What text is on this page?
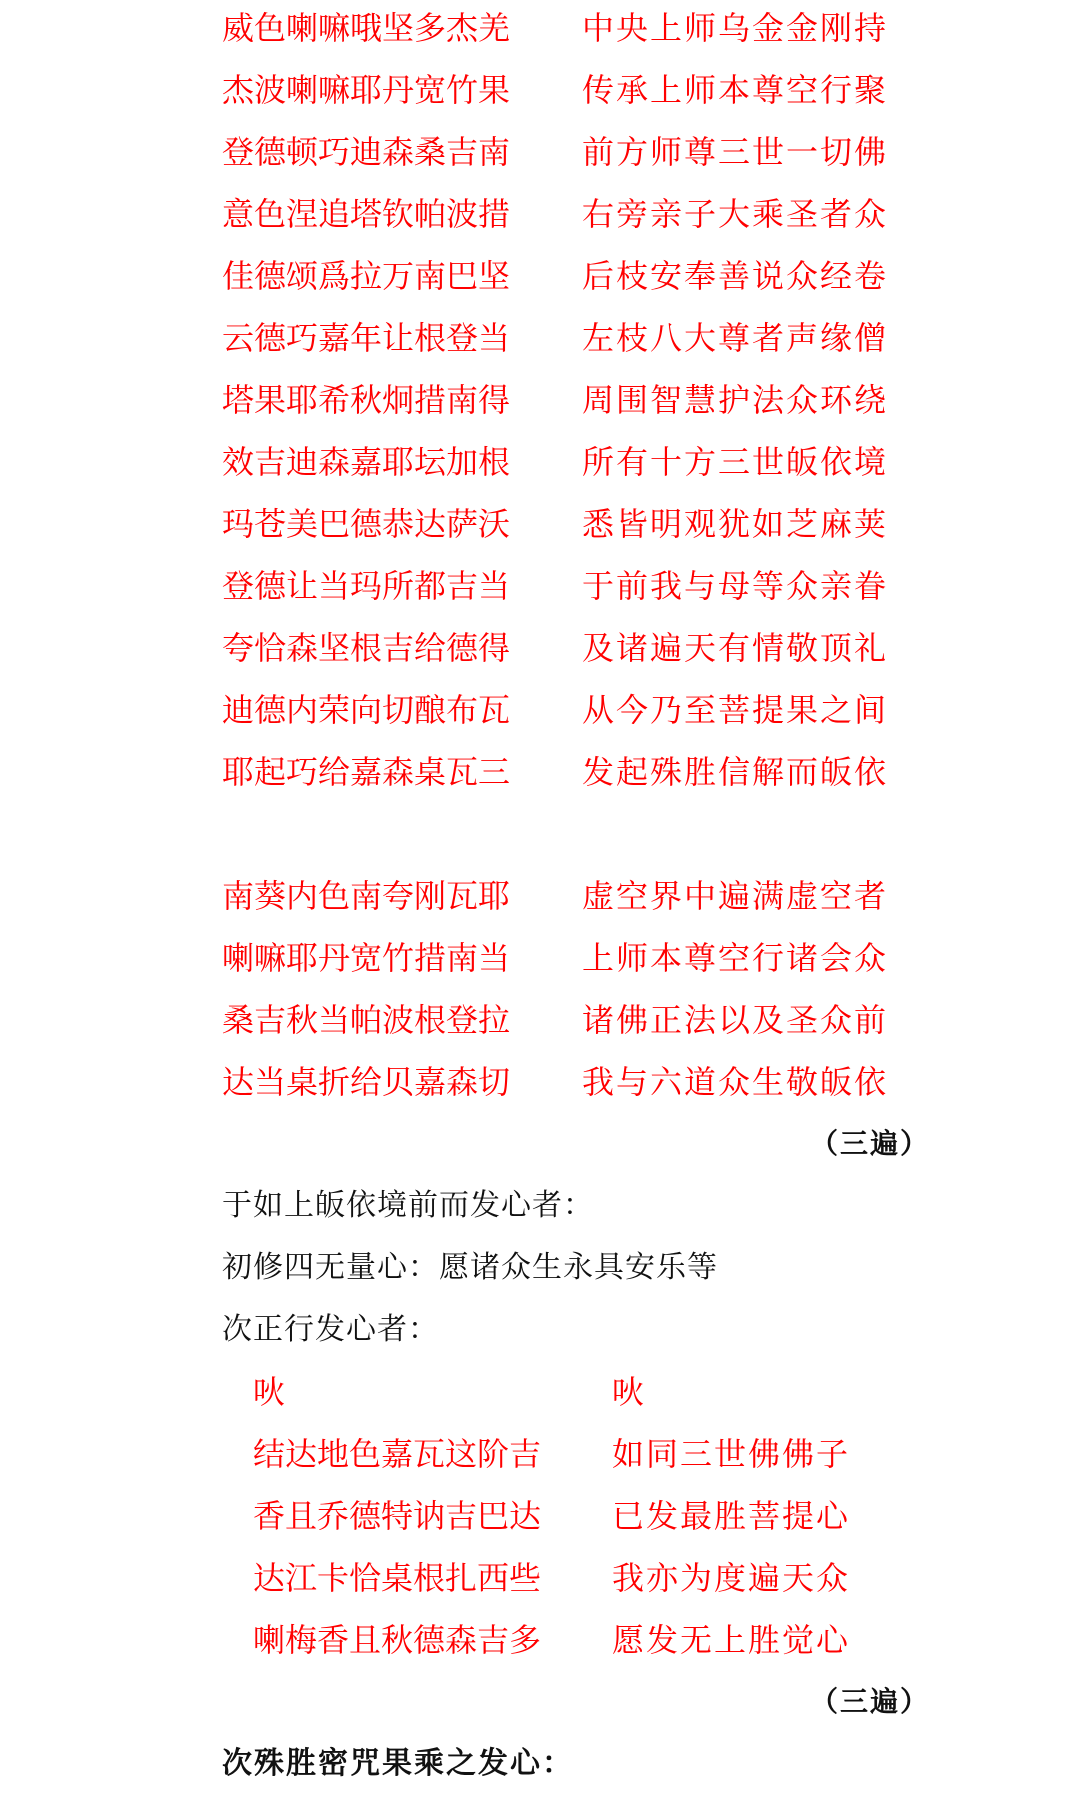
威色喇嘛哦坚多杰羌 中央上师乌金金刚持
杰波喇嘛耶丹宽竹果 传承上师本尊空行聚
登德顿巧迪森桑吉南 前方师尊三世一切佛
意色涅追塔钦帕波措 右旁亲子大乘圣者众
佳德颂爲拉万南巴坚 后枝安奉善说众经卷
云德巧嘉年让根登当 左枝八大尊者声缘僧
塔果耶希秋炯措南得 周围智慧护法众环绕
效吉迪森嘉耶坛加根 所有十方三世皈依境
玛苍美巴德恭达萨沃 悉皆明观犹如芝麻荚
登德让当玛所都吉当 于前我与母等众亲眷
夸恰森坚根吉给德得 及诸遍天有情敬顶礼
迪德内荣向切酿布瓦 从今乃至菩提果之间
耶起巧给嘉森桌瓦三 发起殊胜信解而皈依
南葵内色南夸刚瓦耶 虚空界中遍满虚空者
喇嘛耶丹宽竹措南当 上师本尊空行诸会众
桑吉秋当帕波根登拉 诸佛正法以及圣众前
达当桌折给贝嘉森切 我与六道众生敬皈依
（三遍）
于如上皈依境前而发心者：
初修四无量心：愿诸众生永具安乐等
次正行发心者：
吙	吙
结达地色嘉瓦这阶吉 如同三世佛佛子
香且乔德特讷吉巴达 已发最胜菩提心
达江卡恰桌根扎西些 我亦为度遍天众
喇梅香且秋德森吉多 愿发无上胜觉心
（三遍）
次殊胜密咒果乘之发心：
